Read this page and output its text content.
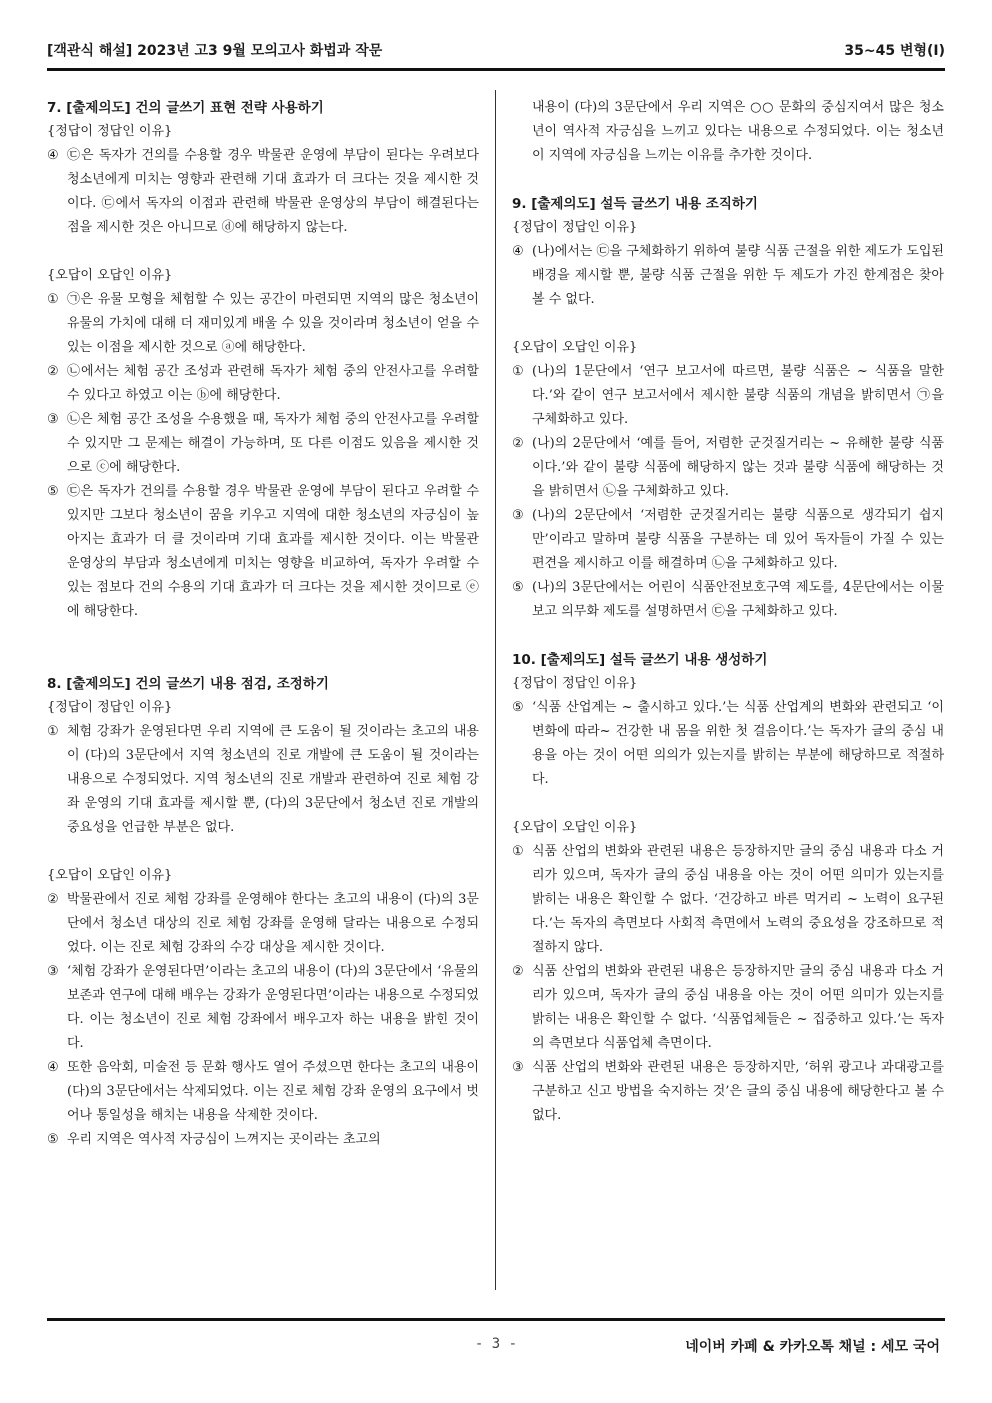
[객관식 해설] 2023년 고3 9월 모의고사 화법과 작문	35~45 변형(I)

7. [출제의도] 건의 글쓰기 표현 전략 사용하기

{정답이 정답인 이유}

④ ㉢은 독자가 건의를 수용할 경우 박물관 운영에 부담이 된다는 우려보다 청소년에게 미치는 영향과 관련해 기대 효과가 더 크다는 것을 제시한 것이다. ㉢에서 독자의 이점과 관련해 박물관 운영상의 부담이 해결된다는 점을 제시한 것은 아니므로 ⓓ에 해당하지 않는다.

{오답이 오답인 이유}

① ㉠은 유물 모형을 체험할 수 있는 공간이 마련되면 지역의 많은 청소년이 유물의 가치에 대해 더 재미있게 배울 수 있을 것이라며 청소년이 얻을 수 있는 이점을 제시한 것으로 ⓐ에 해당한다.
② ㉡에서는 체험 공간 조성과 관련해 독자가 체험 중의 안전사고를 우려할 수 있다고 하였고 이는 ⓑ에 해당한다.
③ ㉡은 체험 공간 조성을 수용했을 때, 독자가 체험 중의 안전사고를 우려할 수 있지만 그 문제는 해결이 가능하며, 또 다른 이점도 있음을 제시한 것으로 ⓒ에 해당한다.
⑤ ㉢은 독자가 건의를 수용할 경우 박물관 운영에 부담이 된다고 우려할 수 있지만 그보다 청소년이 꿈을 키우고 지역에 대한 청소년의 자긍심이 높아지는 효과가 더 클 것이라며 기대 효과를 제시한 것이다. 이는 박물관 운영상의 부담과 청소년에게 미치는 영향을 비교하여, 독자가 우려할 수 있는 점보다 건의 수용의 기대 효과가 더 크다는 것을 제시한 것이므로 ⓔ에 해당한다.

8. [출제의도] 건의 글쓰기 내용 점검, 조정하기

{정답이 정답인 이유}

① 체험 강좌가 운영된다면 우리 지역에 큰 도움이 될 것이라는 초고의 내용이 (다)의 3문단에서 지역 청소년의 진로 개발에 큰 도움이 될 것이라는 내용으로 수정되었다. 지역 청소년의 진로 개발과 관련하여 진로 체험 강좌 운영의 기대 효과를 제시할 뿐, (다)의 3문단에서 청소년 진로 개발의 중요성을 언급한 부분은 없다.

{오답이 오답인 이유}

② 박물관에서 진로 체험 강좌를 운영해야 한다는 초고의 내용이 (다)의 3문단에서 청소년 대상의 진로 체험 강좌를 운영해 달라는 내용으로 수정되었다. 이는 진로 체험 강좌의 수강 대상을 제시한 것이다.
③ ‘체험 강좌가 운영된다면’이라는 초고의 내용이 (다)의 3문단에서 ‘유물의 보존과 연구에 대해 배우는 강좌가 운영된다면’이라는 내용으로 수정되었다. 이는 청소년이 진로 체험 강좌에서 배우고자 하는 내용을 밝힌 것이다.
④ 또한 음악회, 미술전 등 문화 행사도 열어 주셨으면 한다는 초고의 내용이 (다)의 3문단에서는 삭제되었다. 이는 진로 체험 강좌 운영의 요구에서 벗어나 통일성을 해치는 내용을 삭제한 것이다.
⑤ 우리 지역은 역사적 자긍심이 느껴지는 곳이라는 초고의
내용이 (다)의 3문단에서 우리 지역은 ○○ 문화의 중심지여서 많은 청소년이 역사적 자긍심을 느끼고 있다는 내용으로 수정되었다. 이는 청소년이 지역에 자긍심을 느끼는 이유를 추가한 것이다.

9. [출제의도] 설득 글쓰기 내용 조직하기

{정답이 정답인 이유}

④ (나)에서는 ㉢을 구체화하기 위하여 불량 식품 근절을 위한 제도가 도입된 배경을 제시할 뿐, 불량 식품 근절을 위한 두 제도가 가진 한계점은 찾아볼 수 없다.

{오답이 오답인 이유}

① (나)의 1문단에서 ‘연구 보고서에 따르면, 불량 식품은 ~ 식품을 말한다.’와 같이 연구 보고서에서 제시한 불량 식품의 개념을 밝히면서 ㉠을 구체화하고 있다.
② (나)의 2문단에서 ‘예를 들어, 저렴한 군것질거리는 ~ 유해한 불량 식품이다.’와 같이 불량 식품에 해당하지 않는 것과 불량 식품에 해당하는 것을 밝히면서 ㉡을 구체화하고 있다.
③ (나)의 2문단에서 ‘저렴한 군것질거리는 불량 식품으로 생각되기 쉽지만’이라고 말하며 불량 식품을 구분하는 데 있어 독자들이 가질 수 있는 편견을 제시하고 이를 해결하며 ㉡을 구체화하고 있다.
⑤ (나)의 3문단에서는 어린이 식품안전보호구역 제도를, 4문단에서는 이물 보고 의무화 제도를 설명하면서 ㉢을 구체화하고 있다.

10. [출제의도] 설득 글쓰기 내용 생성하기

{정답이 정답인 이유}

⑤ ‘식품 산업계는 ~ 출시하고 있다.’는 식품 산업계의 변화와 관련되고 ‘이 변화에 따라~ 건강한 내 몸을 위한 첫 걸음이다.’는 독자가 글의 중심 내용을 아는 것이 어떤 의의가 있는지를 밝히는 부분에 해당하므로 적절하다.

{오답이 오답인 이유}

① 식품 산업의 변화와 관련된 내용은 등장하지만 글의 중심 내용과 다소 거리가 있으며, 독자가 글의 중심 내용을 아는 것이 어떤 의미가 있는지를 밝히는 내용은 확인할 수 없다. ‘건강하고 바른 먹거리 ~ 노력이 요구된다.’는 독자의 측면보다 사회적 측면에서 노력의 중요성을 강조하므로 적절하지 않다.
② 식품 산업의 변화와 관련된 내용은 등장하지만 글의 중심 내용과 다소 거리가 있으며, 독자가 글의 중심 내용을 아는 것이 어떤 의미가 있는지를 밝히는 내용은 확인할 수 없다. ‘식품업체들은 ~ 집중하고 있다.’는 독자의 측면보다 식품업체 측면이다.
③ 식품 산업의 변화와 관련된 내용은 등장하지만, ‘허위 광고나 과대광고를 구분하고 신고 방법을 숙지하는 것’은 글의 중심 내용에 해당한다고 볼 수 없다.
- 3 -	네이버 카페 & 카카오톡 채널 : 세모 국어
